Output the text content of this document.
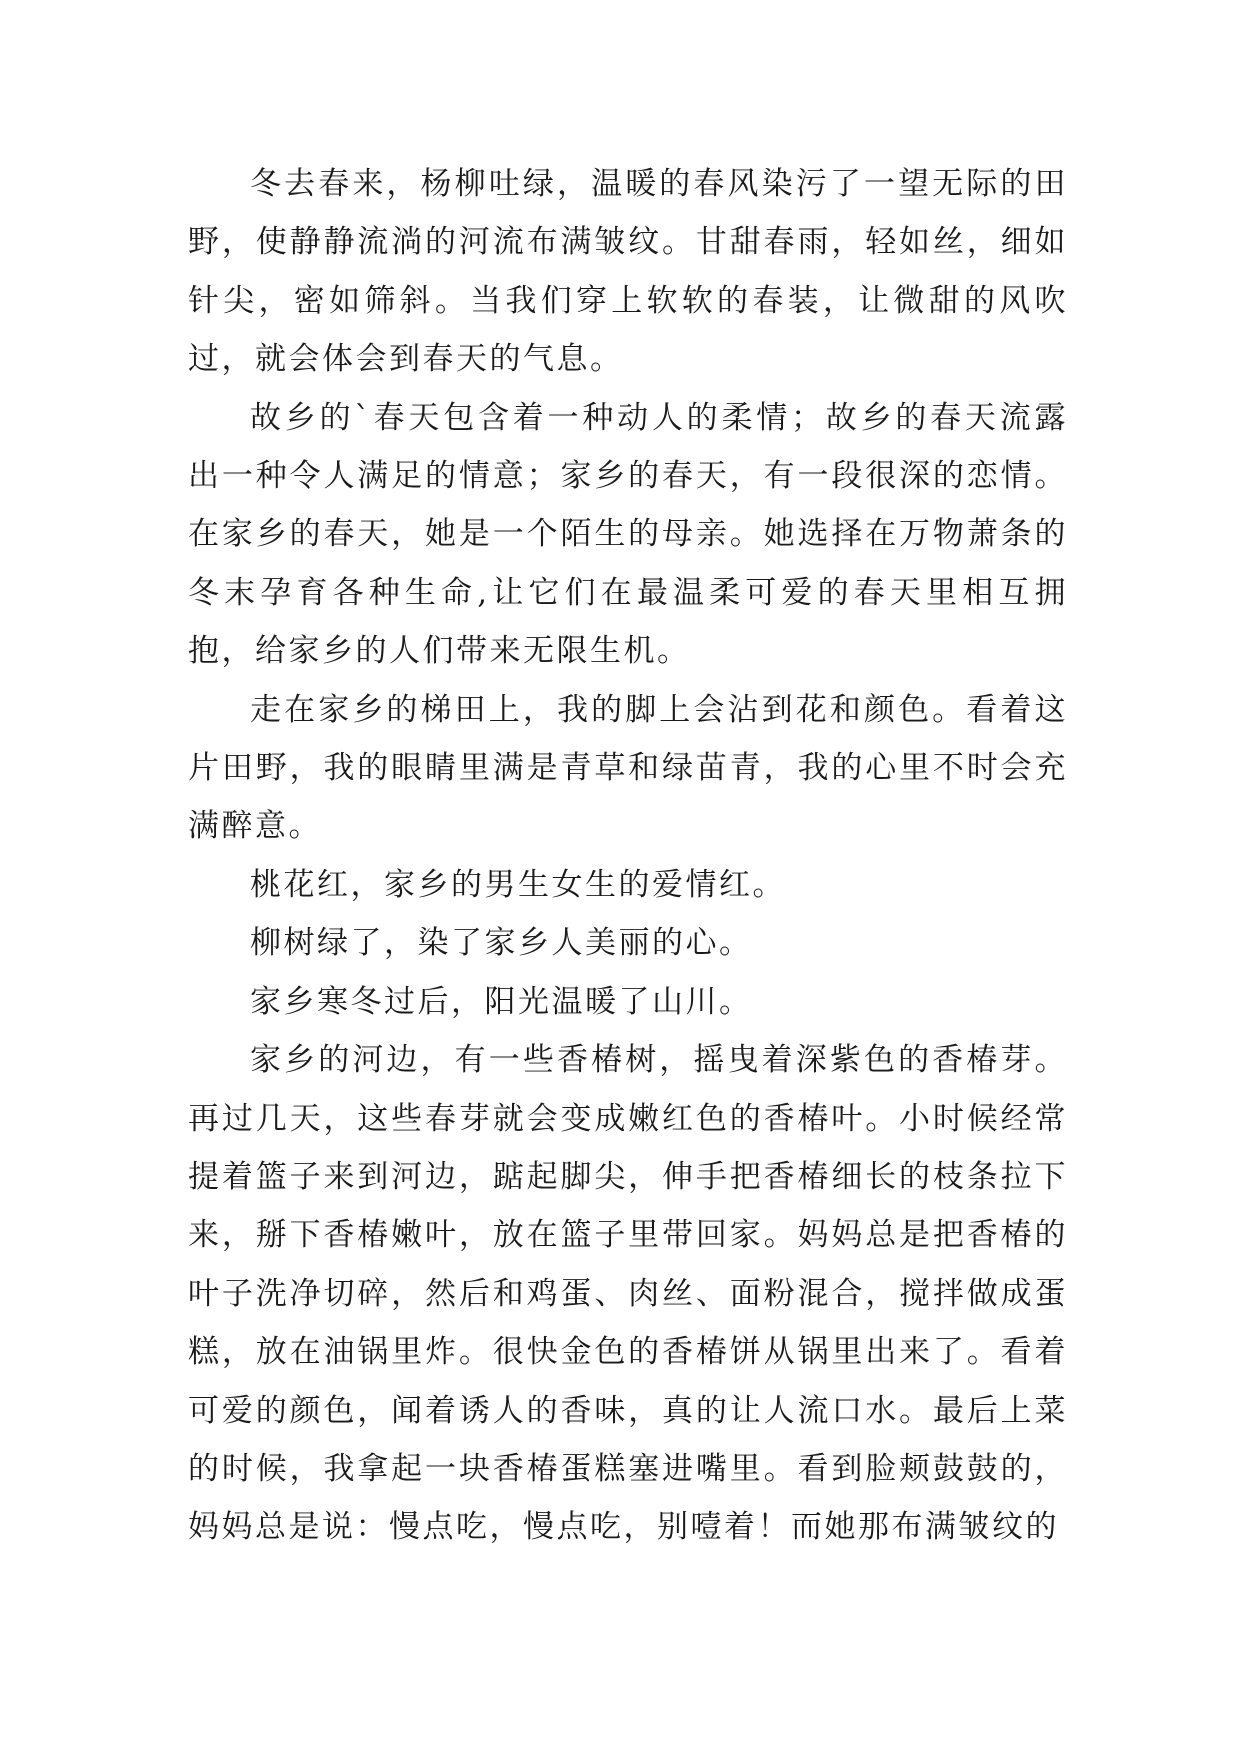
冬去春来，杨柳吐绿，温暖的春风染污了一望无际的田野，使静静流淌的河流布满皱纹。甘甜春雨，轻如丝，细如针尖，密如筛斜。当我们穿上软软的春装，让微甜的风吹过，就会体会到春天的气息。

故乡的`春天包含着一种动人的柔情；故乡的春天流露出一种令人满足的情意；家乡的春天，有一段很深的恋情。在家乡的春天，她是一个陌生的母亲。她选择在万物萧条的冬末孕育各种生命,让它们在最温柔可爱的春天里相互拥抱，给家乡的人们带来无限生机。

走在家乡的梯田上，我的脚上会沾到花和颜色。看着这片田野，我的眼睛里满是青草和绿苗青，我的心里不时会充满醉意。

桃花红，家乡的男生女生的爱情红。

柳树绿了，染了家乡人美丽的心。

家乡寒冬过后，阳光温暖了山川。

家乡的河边，有一些香椿树，摇曳着深紫色的香椿芽。再过几天，这些春芽就会变成嫩红色的香椿叶。小时候经常提着篮子来到河边，踮起脚尖，伸手把香椿细长的枝条拉下来，掰下香椿嫩叶，放在篮子里带回家。妈妈总是把香椿的叶子洗净切碎，然后和鸡蛋、肉丝、面粉混合，搅拌做成蛋糕，放在油锅里炸。很快金色的香椿饼从锅里出来了。看着可爱的颜色，闻着诱人的香味，真的让人流口水。最后上菜的时候，我拿起一块香椿蛋糕塞进嘴里。看到脸颊鼓鼓的，妈妈总是说：慢点吃，慢点吃，别噎着！而她那布满皱纹的
